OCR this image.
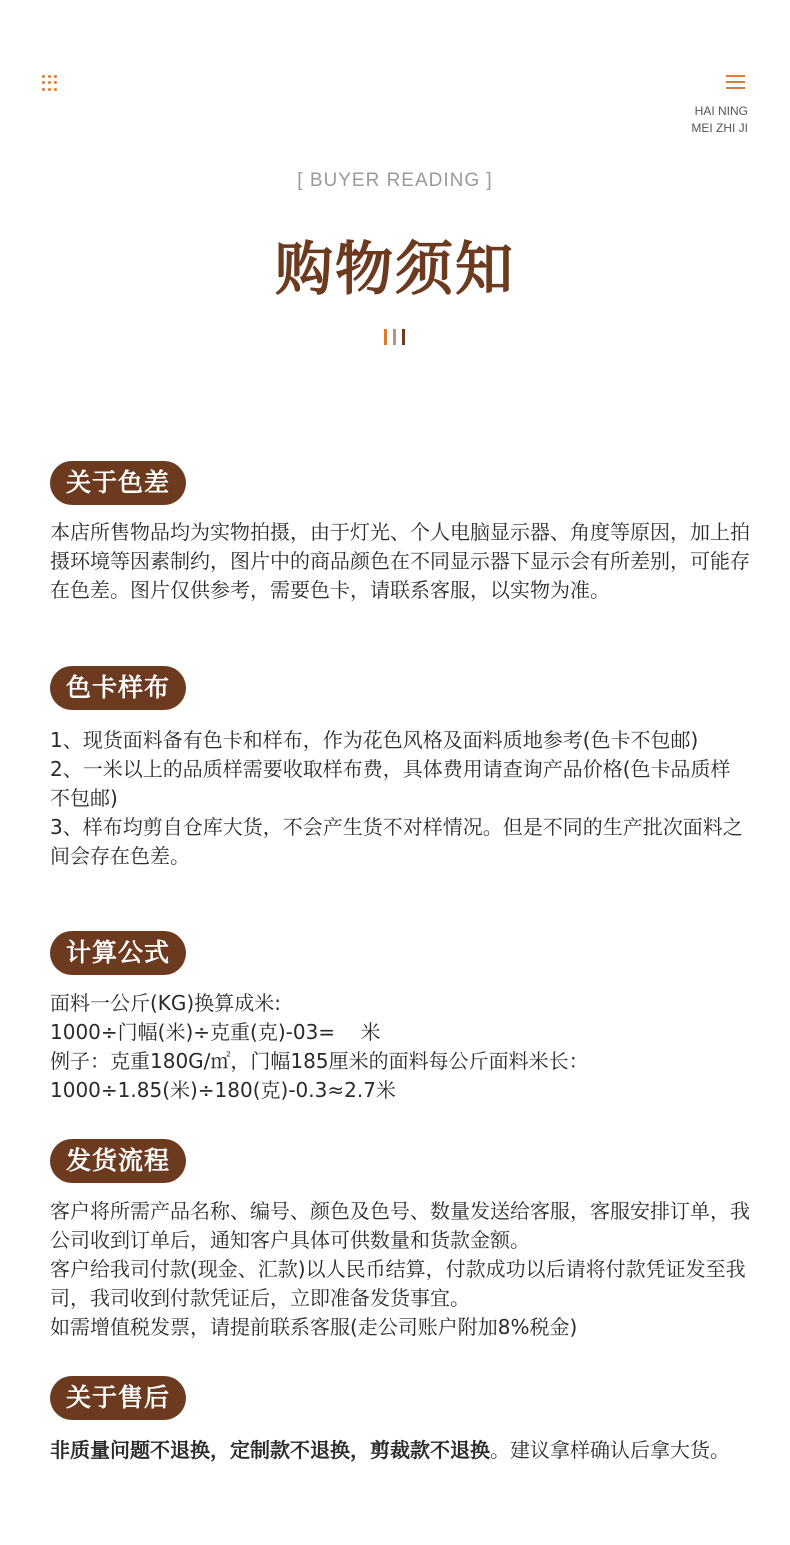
HAI NING
MEI ZHI JI
[ BUYER READING ]
购物须知
关于色差

本店所售物品均为实物拍摄，由于灯光、个人电脑显示器、角度等原因，加上拍摄环境等因素制约，图片中的商品颜色在不同显示器下显示会有所差别，可能存在色差。图片仅供参考，需要色卡，请联系客服，以实物为准。

色卡样布

1、现货面料备有色卡和样布，作为花色风格及面料质地参考(色卡不包邮)

2、一米以上的品质样需要收取样布费，具体费用请查询产品价格(色卡品质样不包邮)

3、样布均剪自仓库大货，不会产生货不对样情况。但是不同的生产批次面料之间会存在色差。

计算公式

面料一公斤(KG)换算成米:

1000÷门幅(米)÷克重(克)-03=    米

例子：克重180G/㎡，门幅185厘米的面料每公斤面料米长：

1000÷1.85(米)÷180(克)-0.3≈2.7米

发货流程

客户将所需产品名称、编号、颜色及色号、数量发送给客服，客服安排订单，我公司收到订单后，通知客户具体可供数量和货款金额。

客户给我司付款(现金、汇款)以人民币结算，付款成功以后请将付款凭证发至我司，我司收到付款凭证后，立即准备发货事宜。

如需增值税发票，请提前联系客服(走公司账户附加8%税金)

关于售后

非质量问题不退换，定制款不退换，剪裁款不退换。建议拿样确认后拿大货。
